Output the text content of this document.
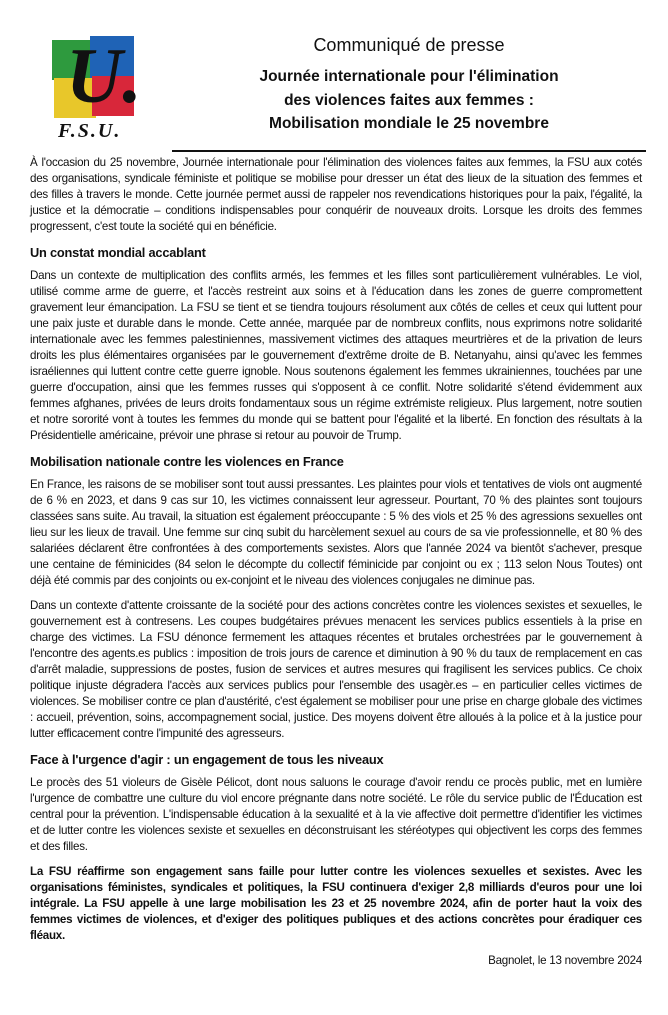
U.
F.S.U.
Communiqué de presse
Journée internationale pour l'élimination
des violences faites aux femmes :
Mobilisation mondiale le 25 novembre

À l'occasion du 25 novembre, Journée internationale pour l'élimination des violences faites aux femmes, la FSU aux cotés des organisations, syndicale féministe et politique se mobilise pour dresser un état des lieux de la situation des femmes et des filles à travers le monde. Cette journée permet aussi de rappeler nos revendications historiques pour la paix, l'égalité, la justice et la démocratie – conditions indispensables pour conquérir de nouveaux droits. Lorsque les droits des femmes progressent, c'est toute la société qui en bénéficie.

Un constat mondial accablant

Dans un contexte de multiplication des conflits armés, les femmes et les filles sont particulièrement vulnérables. Le viol, utilisé comme arme de guerre, et l'accès restreint aux soins et à l'éducation dans les zones de guerre compromettent gravement leur émancipation. La FSU se tient et se tiendra toujours résolument aux côtés de celles et ceux qui luttent pour une paix juste et durable dans le monde. Cette année, marquée par de nombreux conflits, nous exprimons notre solidarité internationale avec les femmes palestiniennes, massivement victimes des attaques meurtrières et de la privation de leurs droits les plus élémentaires organisées par le gouvernement d'extrême droite de B. Netanyahu, ainsi qu'avec les femmes israéliennes qui luttent contre cette guerre ignoble. Nous soutenons également les femmes ukrainiennes, touchées par une guerre d'occupation, ainsi que les femmes russes qui s'opposent à ce conflit. Notre solidarité s'étend évidemment aux femmes afghanes, privées de leurs droits fondamentaux sous un régime extrémiste religieux. Plus largement, notre soutien et notre sororité vont à toutes les femmes du monde qui se battent pour l'égalité et la liberté. En fonction des résultats à la Présidentielle américaine, prévoir une phrase si retour au pouvoir de Trump.

Mobilisation nationale contre les violences en France

En France, les raisons de se mobiliser sont tout aussi pressantes. Les plaintes pour viols et tentatives de viols ont augmenté de 6 % en 2023, et dans 9 cas sur 10, les victimes connaissent leur agresseur. Pourtant, 70 % des plaintes sont toujours classées sans suite. Au travail, la situation est également préoccupante : 5 % des viols et 25 % des agressions sexuelles ont lieu sur les lieux de travail. Une femme sur cinq subit du harcèlement sexuel au cours de sa vie professionnelle, et 80 % des salariées déclarent être confrontées à des comportements sexistes. Alors que l'année 2024 va bientôt s'achever, presque une centaine de féminicides (84 selon le décompte du collectif féminicide par conjoint ou ex ; 113 selon Nous Toutes) ont déjà été commis par des conjoints ou ex-conjoint et le niveau des violences conjugales ne diminue pas.

Dans un contexte d'attente croissante de la société pour des actions concrètes contre les violences sexistes et sexuelles, le gouvernement est à contresens. Les coupes budgétaires prévues menacent les services publics essentiels à la prise en charge des victimes. La FSU dénonce fermement les attaques récentes et brutales orchestrées par le gouvernement à l'encontre des agents.es publics : imposition de trois jours de carence et diminution à 90 % du taux de remplacement en cas d'arrêt maladie, suppressions de postes, fusion de services et autres mesures qui fragilisent les services publics. Ce choix politique injuste dégradera l'accès aux services publics pour l'ensemble des usagèr.es – en particulier celles victimes de violences. Se mobiliser contre ce plan d'austérité, c'est également se mobiliser pour une prise en charge globale des victimes : accueil, prévention, soins, accompagnement social, justice. Des moyens doivent être alloués à la police et à la justice pour lutter efficacement contre l'impunité des agresseurs.

Face à l'urgence d'agir : un engagement de tous les niveaux

Le procès des 51 violeurs de Gisèle Pélicot, dont nous saluons le courage d'avoir rendu ce procès public, met en lumière l'urgence de combattre une culture du viol encore prégnante dans notre société. Le rôle du service public de l'Éducation est central pour la prévention. L'indispensable éducation à la sexualité et à la vie affective doit permettre d'identifier les victimes et de lutter contre les violences sexiste et sexuelles en déconstruisant les stéréotypes qui objectivent les corps des femmes et des filles.

La FSU réaffirme son engagement sans faille pour lutter contre les violences sexuelles et sexistes. Avec les organisations féministes, syndicales et politiques, la FSU continuera d'exiger 2,8 milliards d'euros pour une loi intégrale. La FSU appelle à une large mobilisation les 23 et 25 novembre 2024, afin de porter haut la voix des femmes victimes de violences, et d'exiger des politiques publiques et des actions concrètes pour éradiquer ces fléaux.

Bagnolet, le 13 novembre 2024
